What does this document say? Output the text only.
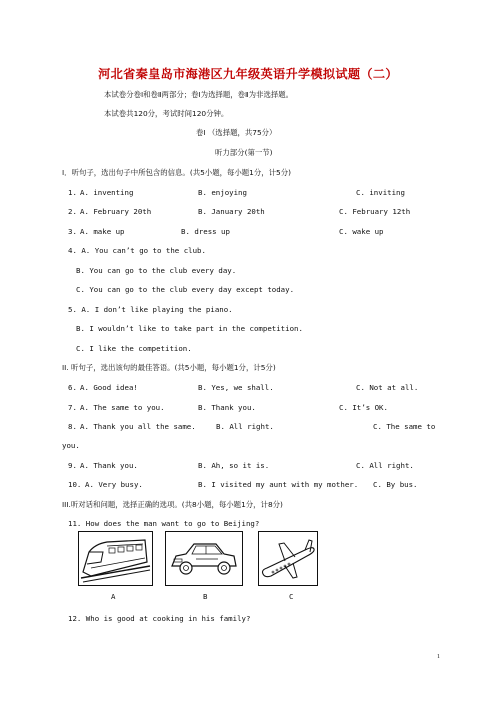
河北省秦皇岛市海港区九年级英语升学模拟试题（二）
本试卷分卷Ⅰ和卷Ⅱ两部分；卷Ⅰ为选择题，卷Ⅱ为非选择题。
本试卷共120分，考试时间120分钟。
卷Ⅰ （选择题，共75分）
听力部分(第一节)
I．听句子，选出句子中所包含的信息。(共5小题，每小题1分，计5分)
1. A. inventing	B. enjoying	C. inviting
2. A. February 20th	B. January 20th	C. February 12th
3. A. make up	B. dress up	C. wake up
4. A. You can’t go to the club.
B. You can go to the club every day.
C. You can go to the club every day except today.
5. A. I don’t like playing the piano.
B. I wouldn’t like to take part in the competition.
C. I like the competition.
II. 听句子，选出该句的最佳答语。(共5小题，每小题1分，计5分)
6. A. Good idea!	B. Yes, we shall.	C. Not at all.
7. A. The same to you.	B. Thank you.	C. It’s OK.
8. A. Thank you all the same.	B. All right.	C. The same to
you.
9. A. Thank you.	B. Ah, so it is.	C. All right.
10. A. Very busy.	B. I visited my aunt with my mother. C. By bus.
III.听对话和问题，选择正确的选项。(共8小题，每小题1分，计8分)
11. How does the man want to go to Beijing?
A	B	C
12. Who is good at cooking in his family?
1
